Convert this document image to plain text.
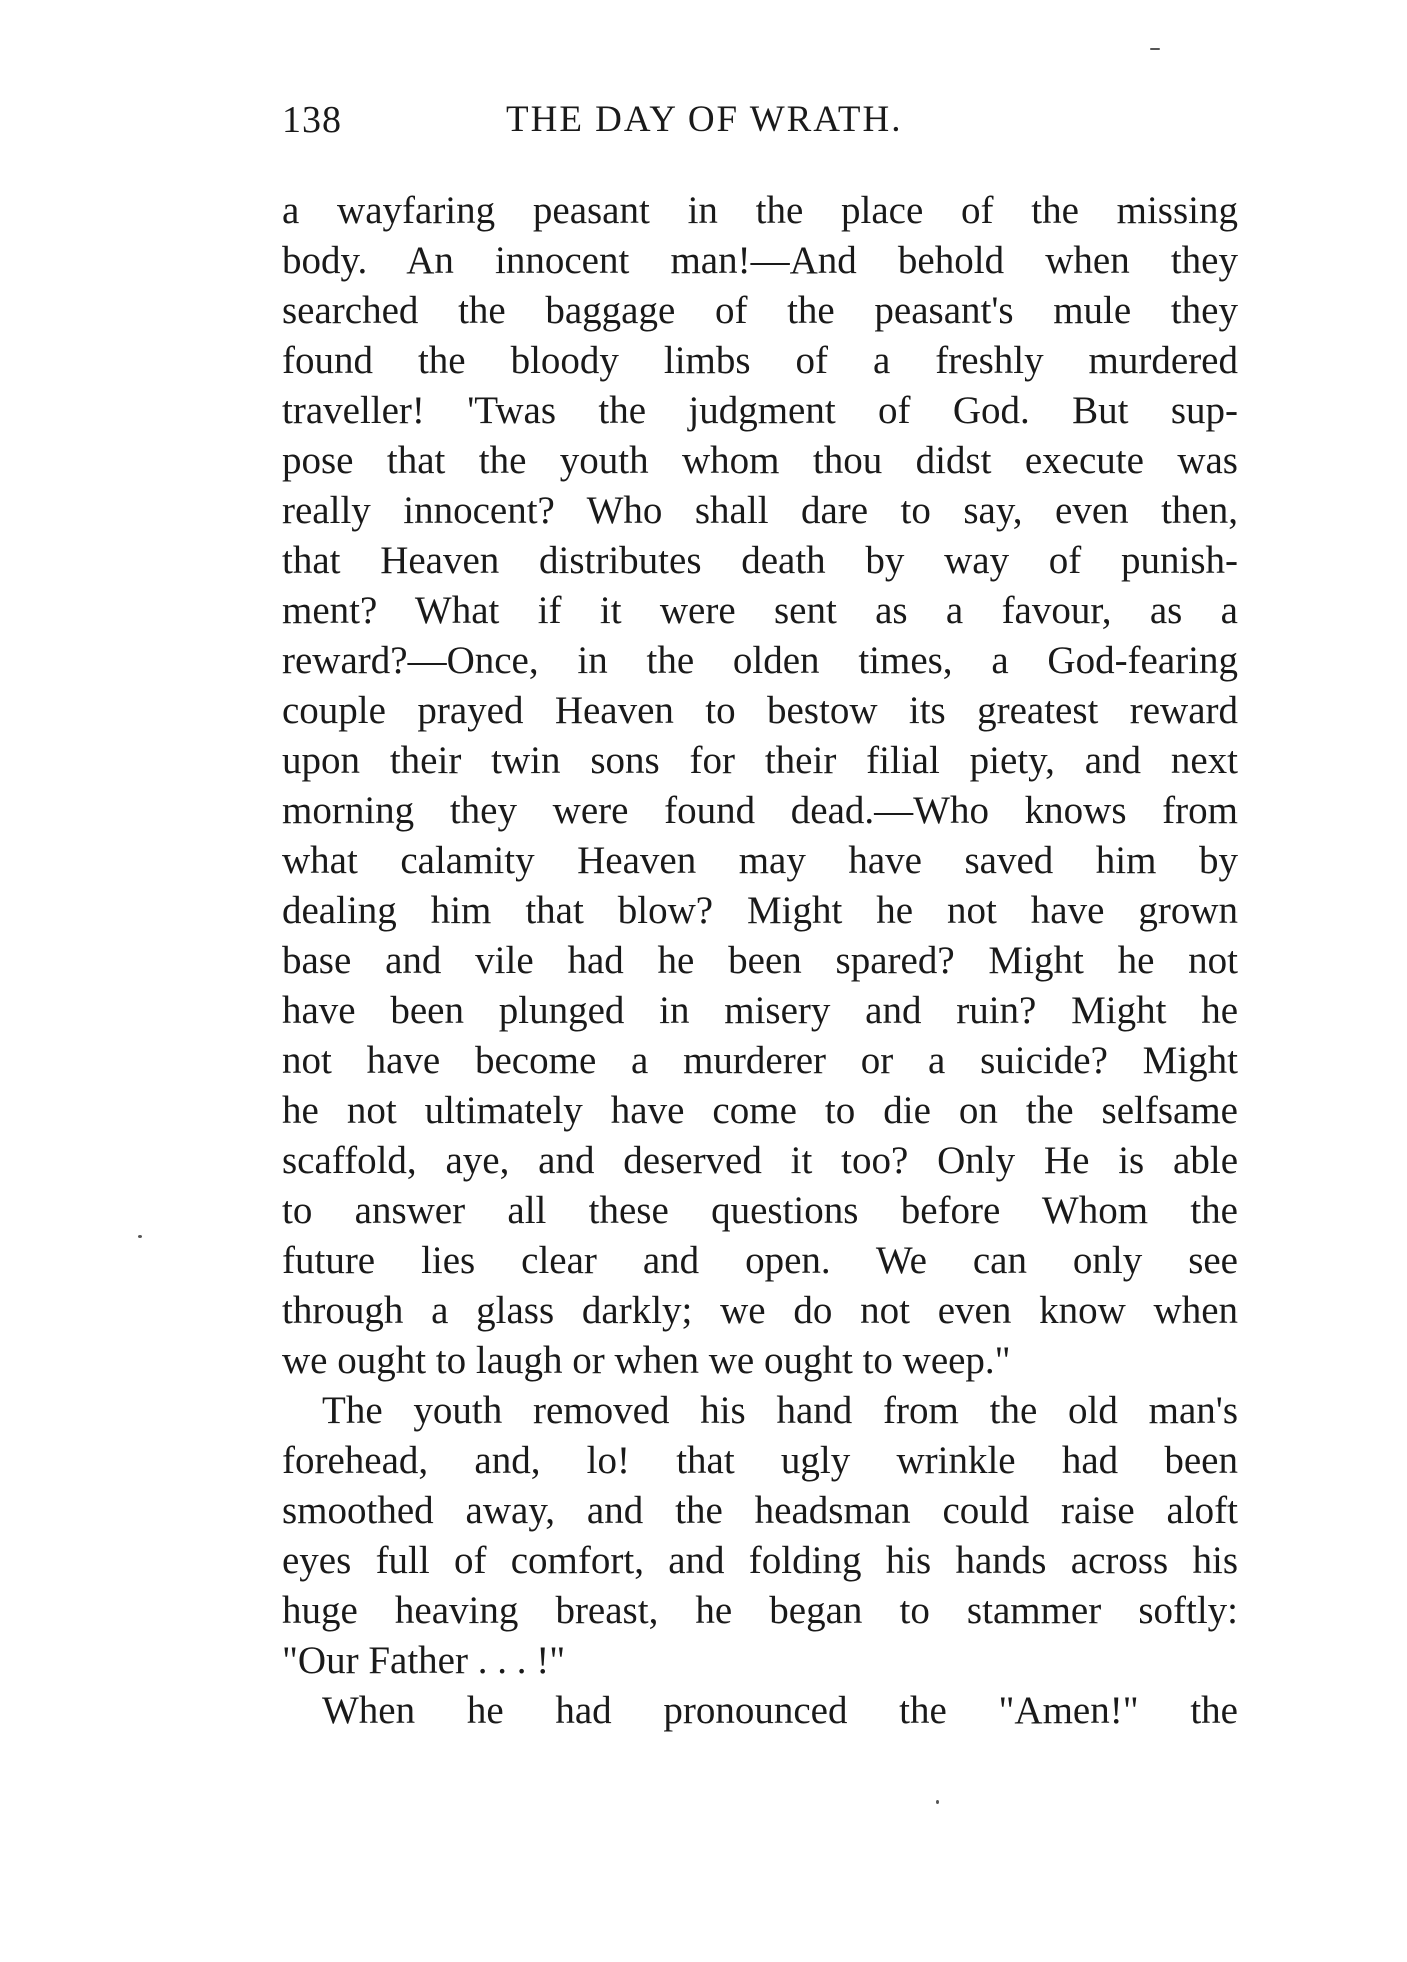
138	THE DAY OF WRATH.
a wayfaring peasant in the place of the missing
body. An innocent man!—And behold when they
searched the baggage of the peasant's mule they
found the bloody limbs of a freshly murdered
traveller! 'Twas the judgment of God. But sup-
pose that the youth whom thou didst execute was
really innocent? Who shall dare to say, even then,
that Heaven distributes death by way of punish-
ment? What if it were sent as a favour, as a
reward?—Once, in the olden times, a God-fearing
couple prayed Heaven to bestow its greatest reward
upon their twin sons for their filial piety, and next
morning they were found dead.—Who knows from
what calamity Heaven may have saved him by
dealing him that blow? Might he not have grown
base and vile had he been spared? Might he not
have been plunged in misery and ruin? Might he
not have become a murderer or a suicide? Might
he not ultimately have come to die on the selfsame
scaffold, aye, and deserved it too? Only He is able
to answer all these questions before Whom the
future lies clear and open. We can only see
through a glass darkly; we do not even know when
we ought to laugh or when we ought to weep."
The youth removed his hand from the old man's
forehead, and, lo! that ugly wrinkle had been
smoothed away, and the headsman could raise aloft
eyes full of comfort, and folding his hands across his
huge heaving breast, he began to stammer softly:
"Our Father . . . !"
When he had pronounced the "Amen!" the
